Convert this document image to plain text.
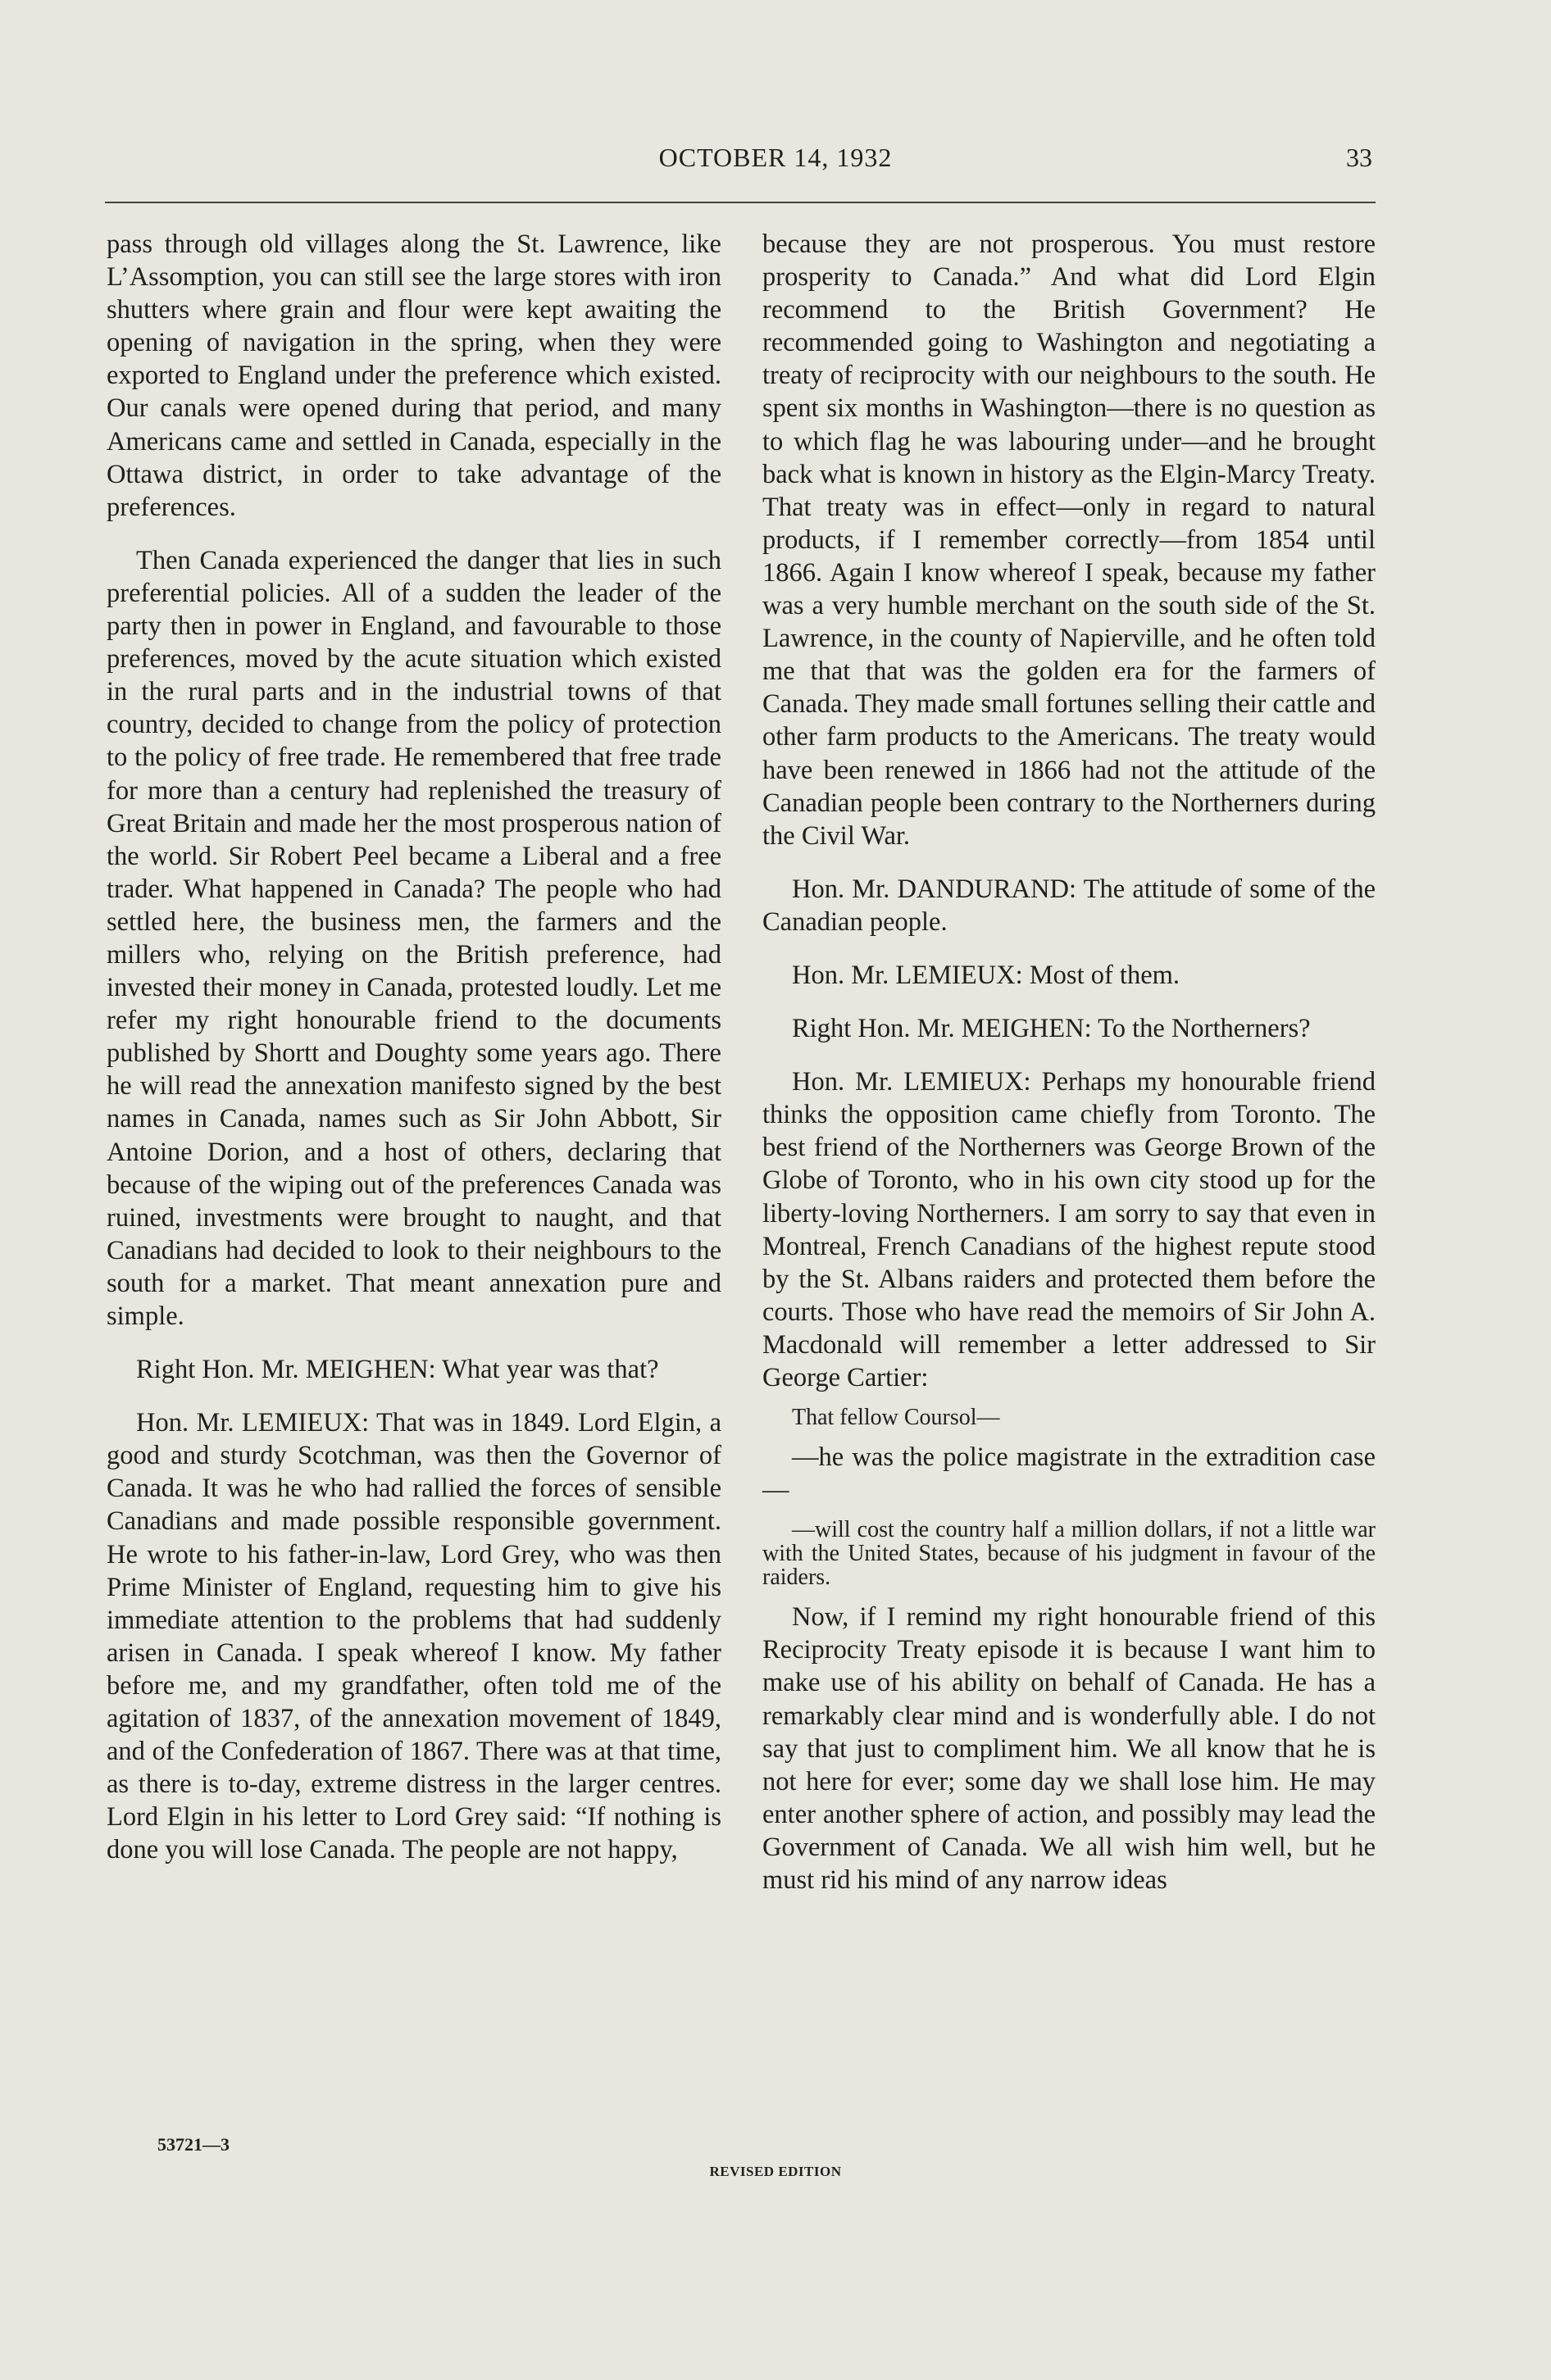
OCTOBER 14, 1932	33

pass through old villages along the St. Lawrence, like L’Assomption, you can still see the large stores with iron shutters where grain and flour were kept awaiting the opening of navigation in the spring, when they were exported to England under the preference which existed. Our canals were opened during that period, and many Americans came and settled in Canada, especially in the Ottawa district, in order to take advantage of the preferences.

Then Canada experienced the danger that lies in such preferential policies. All of a sudden the leader of the party then in power in England, and favourable to those preferences, moved by the acute situation which existed in the rural parts and in the industrial towns of that country, decided to change from the policy of protection to the policy of free trade. He remembered that free trade for more than a century had replenished the treasury of Great Britain and made her the most prosperous nation of the world. Sir Robert Peel became a Liberal and a free trader. What happened in Canada? The people who had settled here, the business men, the farmers and the millers who, relying on the British preference, had invested their money in Canada, protested loudly. Let me refer my right honourable friend to the documents published by Shortt and Doughty some years ago. There he will read the annexation manifesto signed by the best names in Canada, names such as Sir John Abbott, Sir Antoine Dorion, and a host of others, declaring that because of the wiping out of the preferences Canada was ruined, investments were brought to naught, and that Canadians had decided to look to their neighbours to the south for a market. That meant annexation pure and simple.

Right Hon. Mr. MEIGHEN: What year was that?

Hon. Mr. LEMIEUX: That was in 1849. Lord Elgin, a good and sturdy Scotchman, was then the Governor of Canada. It was he who had rallied the forces of sensible Canadians and made possible responsible government. He wrote to his father-in-law, Lord Grey, who was then Prime Minister of England, requesting him to give his immediate attention to the problems that had suddenly arisen in Canada. I speak whereof I know. My father before me, and my grandfather, often told me of the agitation of 1837, of the annexation movement of 1849, and of the Confederation of 1867. There was at that time, as there is to-day, extreme distress in the larger centres. Lord Elgin in his letter to Lord Grey said: “If nothing is done you will lose Canada. The people are not happy,

because they are not prosperous. You must restore prosperity to Canada.” And what did Lord Elgin recommend to the British Government? He recommended going to Washington and negotiating a treaty of reciprocity with our neighbours to the south. He spent six months in Washington—there is no question as to which flag he was labouring under—and he brought back what is known in history as the Elgin-Marcy Treaty. That treaty was in effect—only in regard to natural products, if I remember correctly—from 1854 until 1866. Again I know whereof I speak, because my father was a very humble merchant on the south side of the St. Lawrence, in the county of Napierville, and he often told me that that was the golden era for the farmers of Canada. They made small fortunes selling their cattle and other farm products to the Americans. The treaty would have been renewed in 1866 had not the attitude of the Canadian people been contrary to the Northerners during the Civil War.

Hon. Mr. DANDURAND: The attitude of some of the Canadian people.

Hon. Mr. LEMIEUX: Most of them.

Right Hon. Mr. MEIGHEN: To the Northerners?

Hon. Mr. LEMIEUX: Perhaps my honourable friend thinks the opposition came chiefly from Toronto. The best friend of the Northerners was George Brown of the Globe of Toronto, who in his own city stood up for the liberty-loving Northerners. I am sorry to say that even in Montreal, French Canadians of the highest repute stood by the St. Albans raiders and protected them before the courts. Those who have read the memoirs of Sir John A. Macdonald will remember a letter addressed to Sir George Cartier:

That fellow Coursol—

—he was the police magistrate in the extradition case—

—will cost the country half a million dollars, if not a little war with the United States, because of his judgment in favour of the raiders.

Now, if I remind my right honourable friend of this Reciprocity Treaty episode it is because I want him to make use of his ability on behalf of Canada. He has a remarkably clear mind and is wonderfully able. I do not say that just to compliment him. We all know that he is not here for ever; some day we shall lose him. He may enter another sphere of action, and possibly may lead the Government of Canada. We all wish him well, but he must rid his mind of any narrow ideas

53721—3
REVISED EDITION
